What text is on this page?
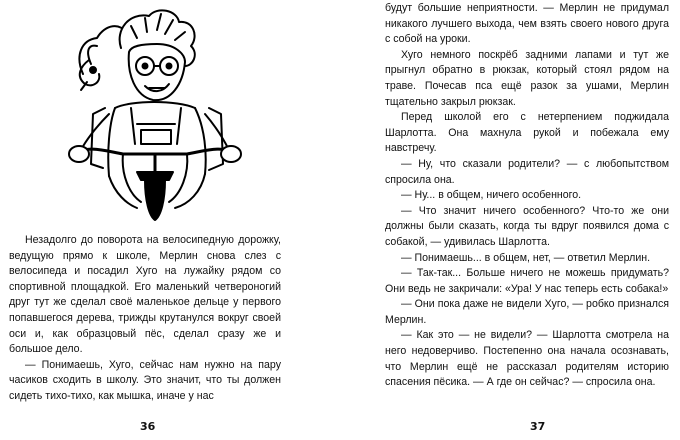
Незадолго до поворота на велосипедную дорожку, ведущую прямо к школе, Мерлин снова слез с велосипеда и посадил Хуго на лужайку рядом со спортивной площадкой. Его маленький четвероногий друг тут же сделал своё маленькое дельце у первого попавшегося дерева, трижды крутанулся вокруг своей оси и, как образцовый пёс, сделал сразу же и большое дело.

— Понимаешь, Хуго, сейчас нам нужно на пару часиков сходить в школу. Это значит, что ты должен сидеть тихо-тихо, как мышка, иначе у нас

36

будут большие неприятности. — Мерлин не придумал никакого лучшего выхода, чем взять своего нового друга с собой на уроки.

Хуго немного поскрёб задними лапами и тут же прыгнул обратно в рюкзак, который стоял рядом на траве. Почесав пса ещё разок за ушами, Мерлин тщательно закрыл рюкзак.

Перед школой его с нетерпением поджидала Шарлотта. Она махнула рукой и побежала ему навстречу.

— Ну, что сказали родители? — с любопытством спросила она.

— Ну... в общем, ничего особенного.

— Что значит ничего особенного? Что-то же они должны были сказать, когда ты вдруг появился дома с собакой, — удивилась Шарлотта.

— Понимаешь... в общем, нет, — ответил Мерлин.

— Так-так... Больше ничего не можешь придумать? Они ведь не закричали: «Ура! У нас теперь есть собака!»

— Они пока даже не видели Хуго, — робко признался Мерлин.

— Как это — не видели? — Шарлотта смотрела на него недоверчиво. Постепенно она начала осознавать, что Мерлин ещё не рассказал родителям историю спасения пёсика. — А где он сейчас? — спросила она.

37
